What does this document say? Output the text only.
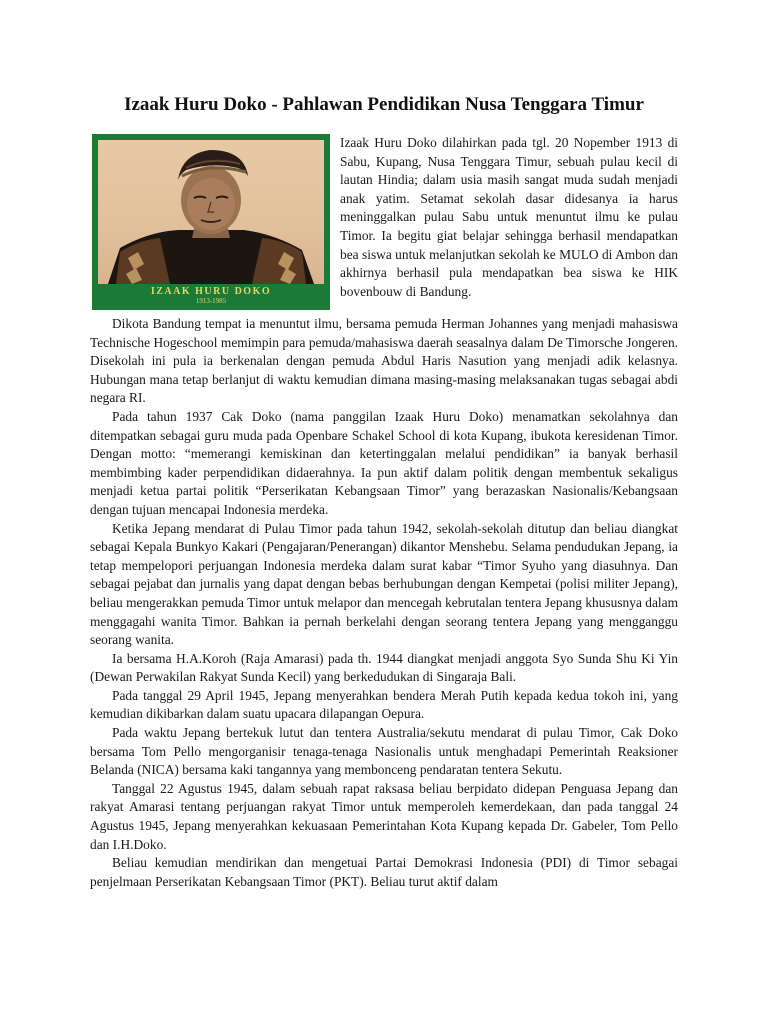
Izaak Huru Doko - Pahlawan Pendidikan Nusa Tenggara Timur
IZAAK HURU DOKO
1913-1985
Izaak Huru Doko dilahirkan pada tgl. 20 Nopember 1913 di Sabu, Kupang, Nusa Tenggara Timur, sebuah pulau kecil di lautan Hindia; dalam usia masih sangat muda sudah menjadi anak yatim. Setamat sekolah dasar didesanya ia harus meninggalkan pulau Sabu untuk menuntut ilmu ke pulau Timor. Ia begitu giat belajar sehingga berhasil mendapatkan bea siswa untuk melanjutkan sekolah ke MULO di Ambon dan akhirnya berhasil pula mendapatkan bea siswa ke HIK bovenbouw di Bandung.

Dikota Bandung tempat ia menuntut ilmu, bersama pemuda Herman Johannes yang menjadi mahasiswa Technische Hogeschool memimpin para pemuda/mahasiswa daerah seasalnya dalam De Timorsche Jongeren. Disekolah ini pula ia berkenalan dengan pemuda Abdul Haris Nasution yang menjadi adik kelasnya. Hubungan mana tetap berlanjut di waktu kemudian dimana masing-masing melaksanakan tugas sebagai abdi negara RI.

Pada tahun 1937 Cak Doko (nama panggilan Izaak Huru Doko) menamatkan sekolahnya dan ditempatkan sebagai guru muda pada Openbare Schakel School di kota Kupang, ibukota keresidenan Timor. Dengan motto: “memerangi kemiskinan dan ketertinggalan melalui pendidikan” ia banyak berhasil membimbing kader perpendidikan didaerahnya. Ia pun aktif dalam politik dengan membentuk sekaligus menjadi ketua partai politik “Perserikatan Kebangsaan Timor” yang berazaskan Nasionalis/Kebangsaan dengan tujuan mencapai Indonesia merdeka.

Ketika Jepang mendarat di Pulau Timor pada tahun 1942, sekolah-sekolah ditutup dan beliau diangkat sebagai Kepala Bunkyo Kakari (Pengajaran/Penerangan) dikantor Menshebu. Selama pendudukan Jepang, ia tetap mempelopori perjuangan Indonesia merdeka dalam surat kabar “Timor Syuho yang diasuhnya. Dan sebagai pejabat dan jurnalis yang dapat dengan bebas berhubungan dengan Kempetai (polisi militer Jepang), beliau mengerakkan pemuda Timor untuk melapor dan mencegah kebrutalan tentera Jepang khususnya dalam menggagahi wanita Timor. Bahkan ia pernah berkelahi dengan seorang tentera Jepang yang mengganggu seorang wanita.

Ia bersama H.A.Koroh (Raja Amarasi) pada th. 1944 diangkat menjadi anggota Syo Sunda Shu Ki Yin (Dewan Perwakilan Rakyat Sunda Kecil) yang berkedudukan di Singaraja Bali.

Pada tanggal 29 April 1945, Jepang menyerahkan bendera Merah Putih kepada kedua tokoh ini, yang kemudian dikibarkan dalam suatu upacara dilapangan Oepura.

Pada waktu Jepang bertekuk lutut dan tentera Australia/sekutu mendarat di pulau Timor, Cak Doko bersama Tom Pello mengorganisir tenaga-tenaga Nasionalis untuk menghadapi Pemerintah Reaksioner Belanda (NICA) bersama kaki tangannya yang membonceng pendaratan tentera Sekutu.

Tanggal 22 Agustus 1945, dalam sebuah rapat raksasa beliau berpidato didepan Penguasa Jepang dan rakyat Amarasi tentang perjuangan rakyat Timor untuk memperoleh kemerdekaan, dan pada tanggal 24 Agustus 1945, Jepang menyerahkan kekuasaan Pemerintahan Kota Kupang kepada Dr. Gabeler, Tom Pello dan I.H.Doko.

Beliau kemudian mendirikan dan mengetuai Partai Demokrasi Indonesia (PDI) di Timor sebagai penjelmaan Perserikatan Kebangsaan Timor (PKT). Beliau turut aktif dalam
